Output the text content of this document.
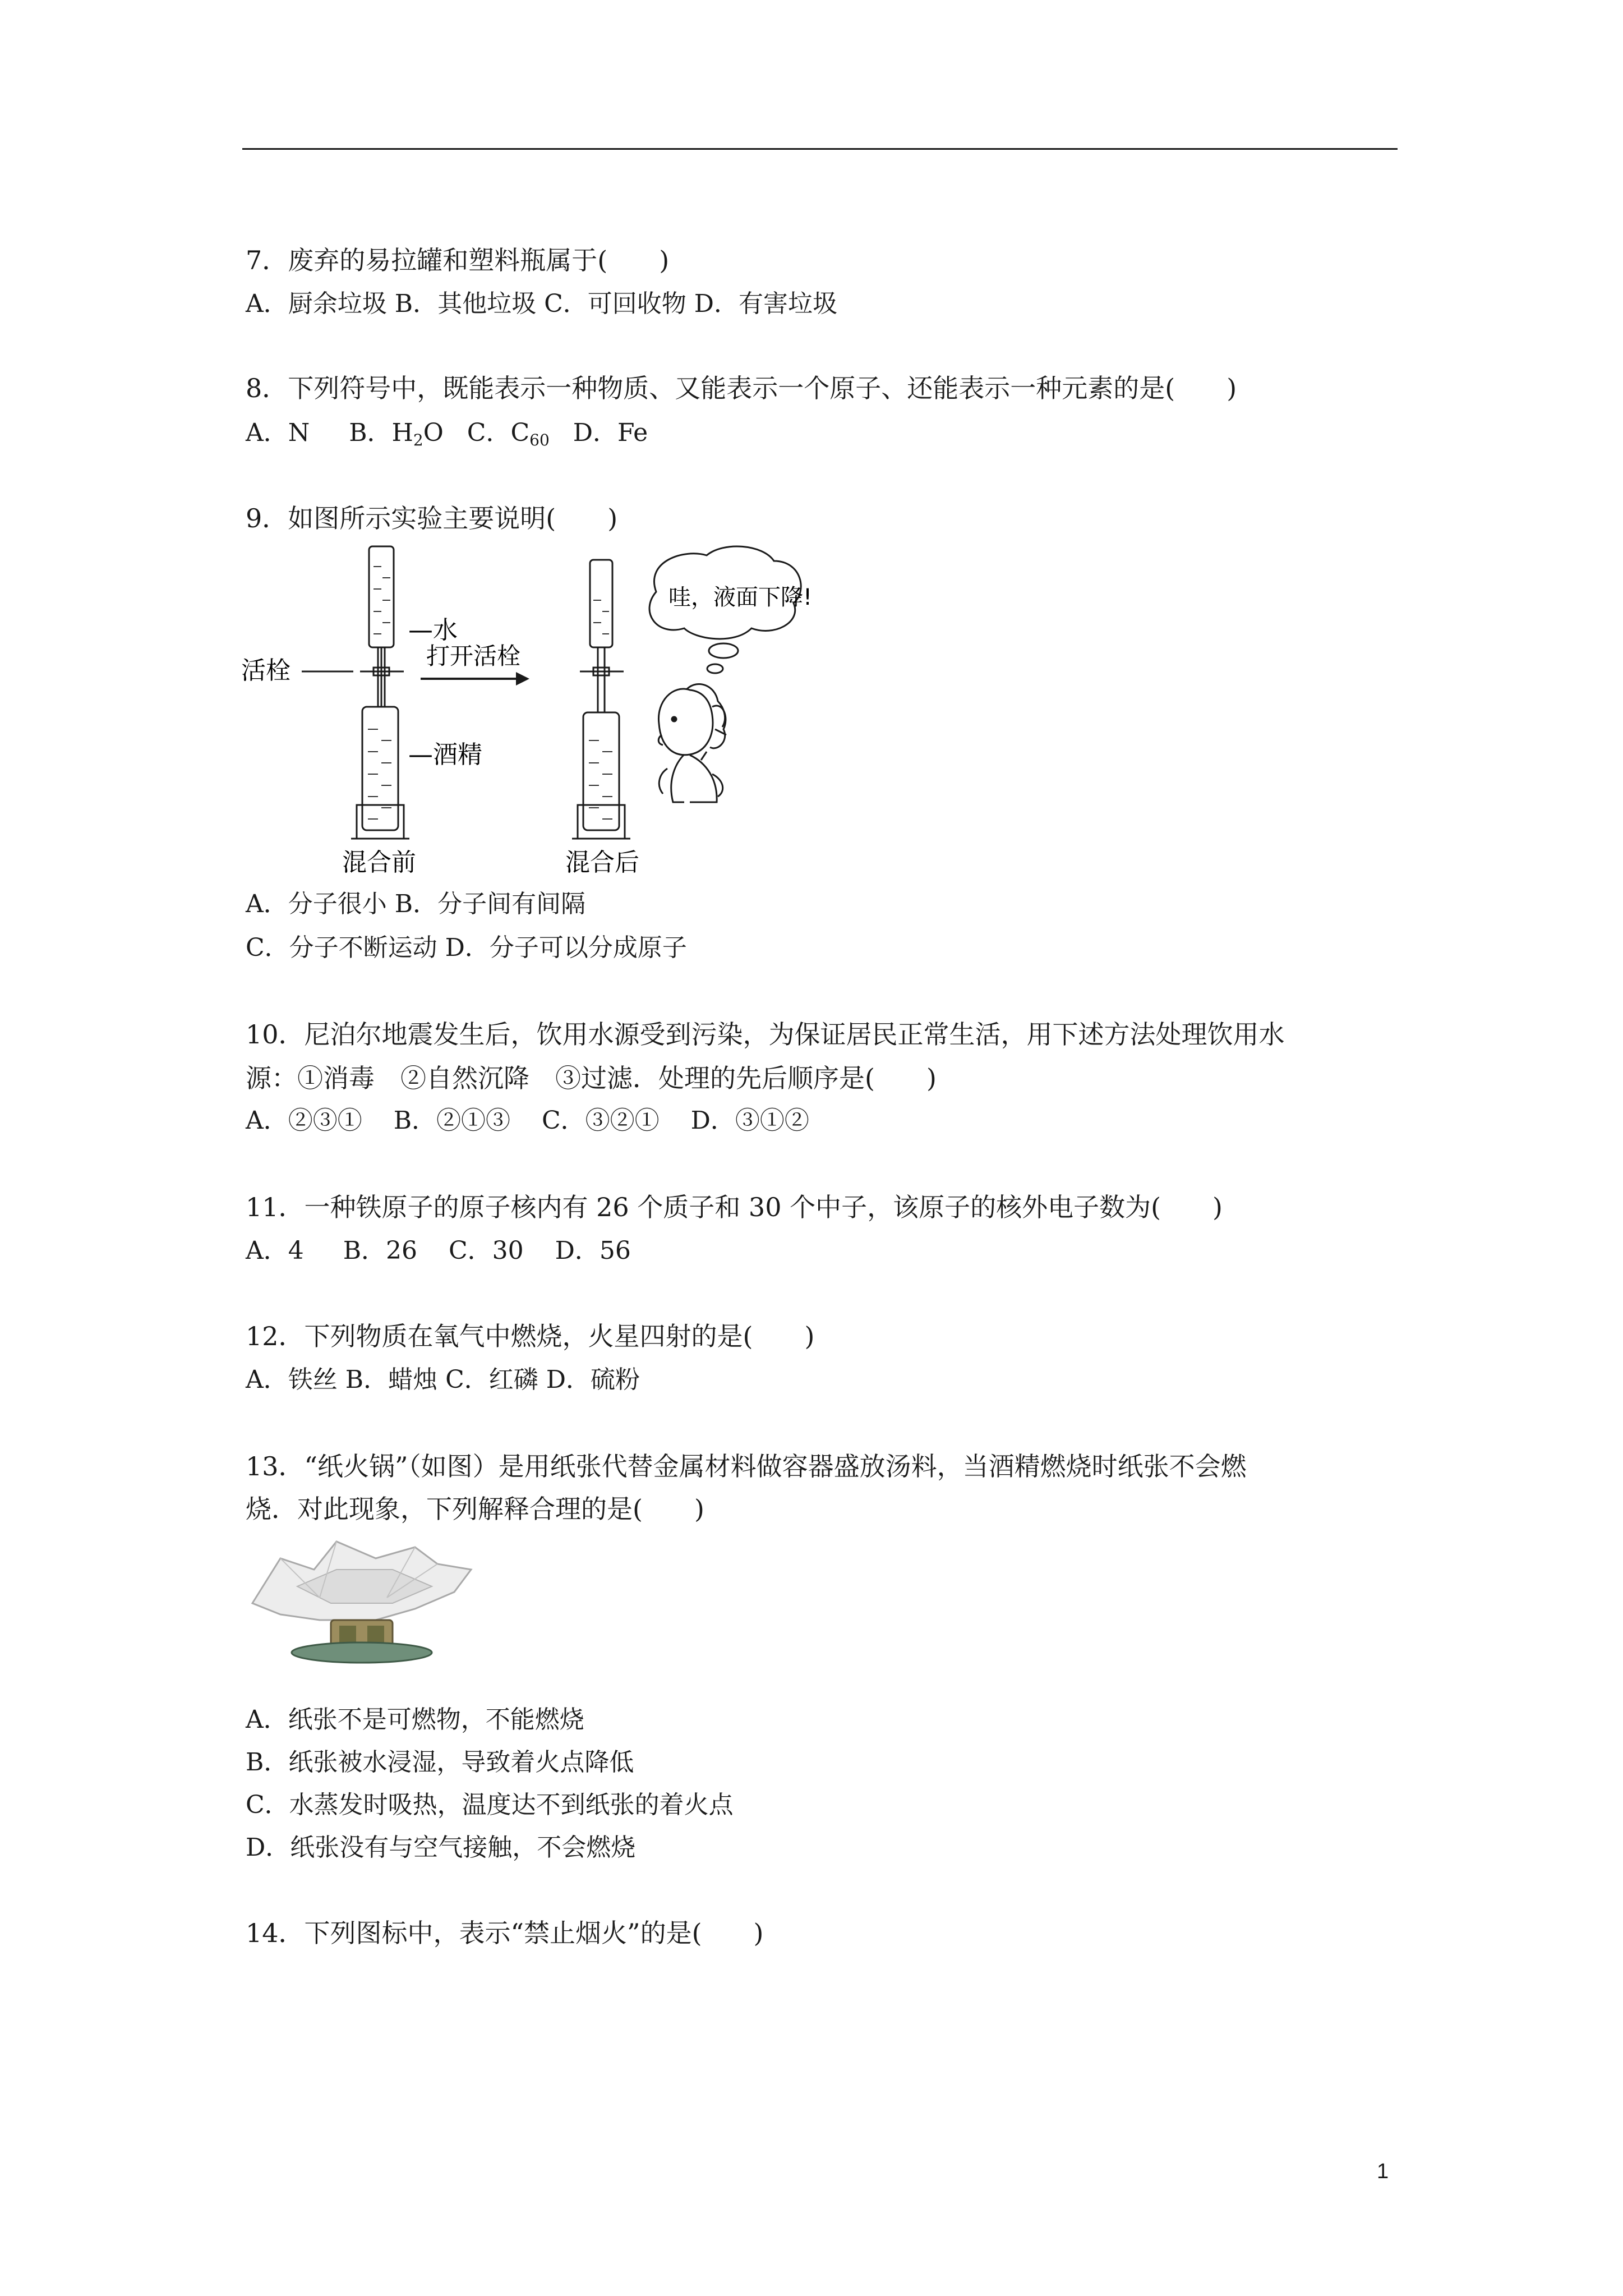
7．废弃的易拉罐和塑料瓶属于(　　)
A．厨余垃圾 B．其他垃圾 C．可回收物 D．有害垃圾
8．下列符号中，既能表示一种物质、又能表示一个原子、还能表示一种元素的是(　　)
A．N     B．$H_2O$   C．$C_{60}$   D．Fe
9．如图所示实验主要说明(　　)
活栓
—水
打开活栓
—酒精
混合前	混合后
哇，液面下降!
A．分子很小 B．分子间有间隔
C．分子不断运动 D．分子可以分成原子
10．尼泊尔地震发生后，饮用水源受到污染，为保证居民正常生活，用下述方法处理饮用水
源：①消毒　②自然沉降　③过滤．处理的先后顺序是(　　)
A．②③①    B．②①③    C．③②①    D．③①②
11．一种铁原子的原子核内有 26 个质子和 30 个中子，该原子的核外电子数为(　　)
A．4     B．26    C．30    D．56
12．下列物质在氧气中燃烧，火星四射的是(　　)
A．铁丝 B．蜡烛 C．红磷 D．硫粉
13．“纸火锅”（如图）是用纸张代替金属材料做容器盛放汤料，当酒精燃烧时纸张不会燃
烧．对此现象，下列解释合理的是(　　)
A．纸张不是可燃物，不能燃烧
B．纸张被水浸湿，导致着火点降低
C．水蒸发时吸热，温度达不到纸张的着火点
D．纸张没有与空气接触，不会燃烧
14．下列图标中，表示“禁止烟火”的是(　　)
1
